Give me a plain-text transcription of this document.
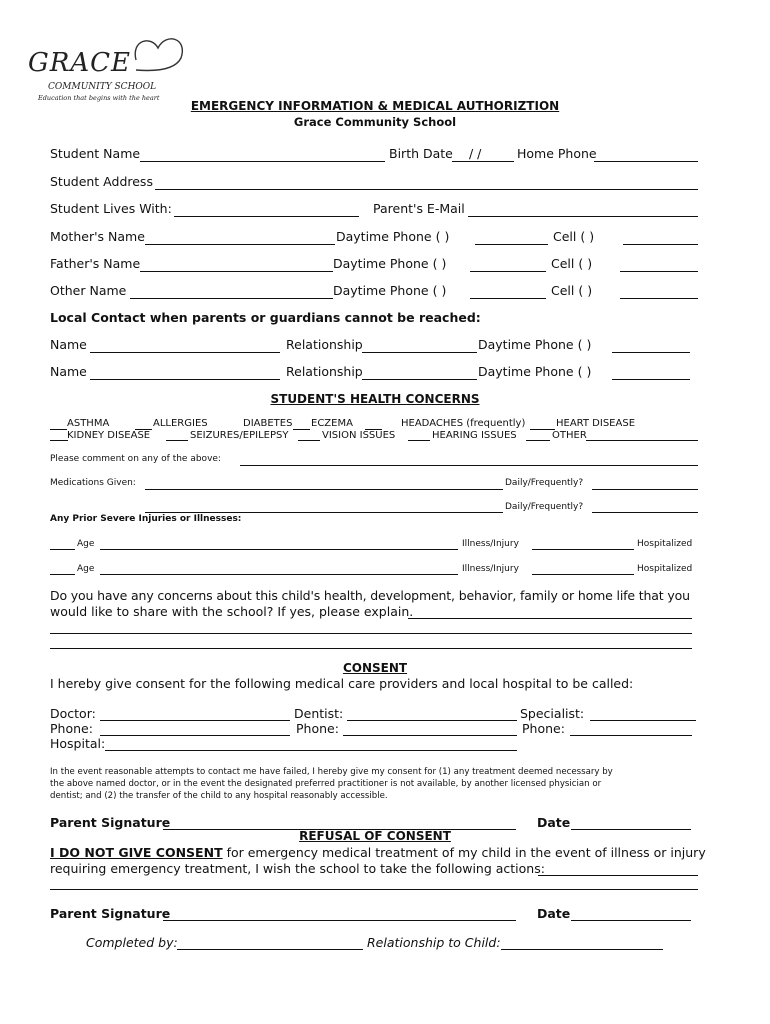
GRACE
COMMUNITY SCHOOL
Education that begins with the heart
EMERGENCY INFORMATION & MEDICAL AUTHORIZTION
Grace Community School
Student Name	Birth Date / /	Home Phone
Student Address
Student Lives With:	Parent's E-Mail
Mother's Name	Daytime Phone ( )	Cell ( )
Father's Name	Daytime Phone ( )	Cell ( )
Other Name	Daytime Phone ( )	Cell ( )
Local Contact when parents or guardians cannot be reached:
Name	Relationship	Daytime Phone ( )
Name	Relationship	Daytime Phone ( )
STUDENT'S HEALTH CONCERNS
ASTHMA	ALLERGIES	DIABETES ECZEMA	HEADACHES (frequently)	HEART DISEASE
KIDNEY DISEASE	SEIZURES/EPILEPSY	VISION ISSUES	HEARING ISSUES	OTHER
Please comment on any of the above:
Medications Given:	Daily/Frequently?
Daily/Frequently?
Any Prior Severe Injuries or Illnesses:
Age	Illness/Injury	Hospitalized
Age	Illness/Injury	Hospitalized
Do you have any concerns about this child's health, development, behavior, family or home life that you
would like to share with the school? If yes, please explain.
CONSENT
I hereby give consent for the following medical care providers and local hospital to be called:
Doctor:	Dentist:	Specialist:
Phone:	Phone:	Phone:
Hospital:
In the event reasonable attempts to contact me have failed, I hereby give my consent for (1) any treatment deemed necessary by
the above named doctor, or in the event the designated preferred practitioner is not available, by another licensed physician or
dentist; and (2) the transfer of the child to any hospital reasonably accessible.
Parent Signature	Date
REFUSAL OF CONSENT
I DO NOT GIVE CONSENT for emergency medical treatment of my child in the event of illness or injury
requiring emergency treatment, I wish the school to take the following actions:
Parent Signature	Date
Completed by:	Relationship to Child:
